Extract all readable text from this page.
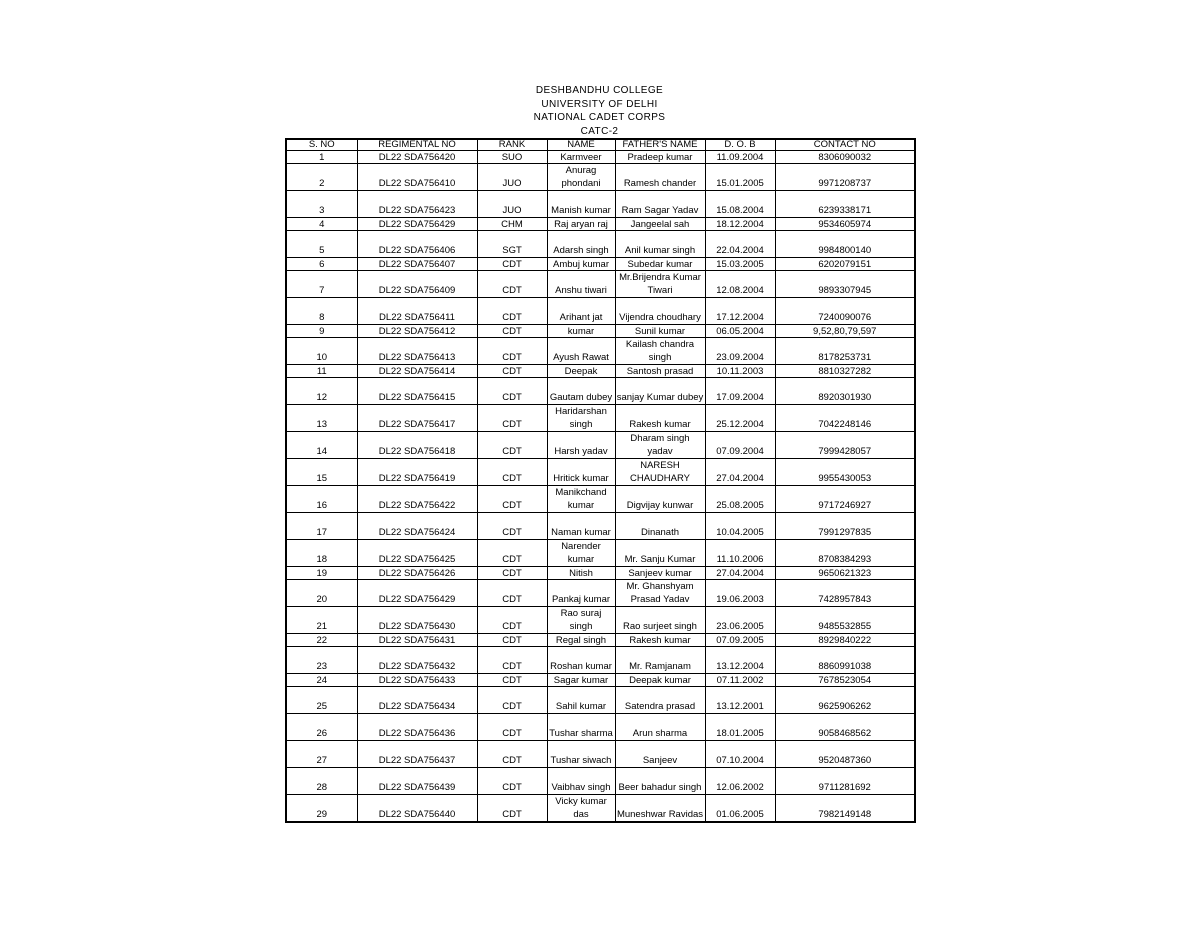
DESHBANDHU COLLEGE
UNIVERSITY OF DELHI
NATIONAL CADET CORPS
CATC-2
S. NO	REGIMENTAL NO	RANK	NAME	FATHER'S NAME	D. O. B	CONTACT NO
1	DL22 SDA756420	SUO	Karmveer	Pradeep kumar	11.09.2004	8306090032
2	DL22 SDA756410	JUO	Anurag phondani	Ramesh chander	15.01.2005	9971208737
3	DL22 SDA756423	JUO	Manish kumar	Ram Sagar Yadav	15.08.2004	6239338171
4	DL22 SDA756429	CHM	Raj aryan raj	Jangeelal sah	18.12.2004	9534605974
5	DL22 SDA756406	SGT	Adarsh singh	Anil kumar singh	22.04.2004	9984800140
6	DL22 SDA756407	CDT	Ambuj kumar	Subedar kumar	15.03.2005	6202079151
7	DL22 SDA756409	CDT	Anshu tiwari	Mr.Brijendra Kumar Tiwari	12.08.2004	9893307945
8	DL22 SDA756411	CDT	Arihant jat	Vijendra choudhary	17.12.2004	7240090076
9	DL22 SDA756412	CDT	kumar	Sunil kumar	06.05.2004	9,52,80,79,597
10	DL22 SDA756413	CDT	Ayush Rawat	Kailash chandra singh	23.09.2004	8178253731
11	DL22 SDA756414	CDT	Deepak	Santosh prasad	10.11.2003	8810327282
12	DL22 SDA756415	CDT	Gautam dubey	sanjay Kumar dubey	17.09.2004	8920301930
13	DL22 SDA756417	CDT	Haridarshan singh	Rakesh kumar	25.12.2004	7042248146
14	DL22 SDA756418	CDT	Harsh yadav	Dharam singh yadav	07.09.2004	7999428057
15	DL22 SDA756419	CDT	Hritick kumar	NARESH CHAUDHARY	27.04.2004	9955430053
16	DL22 SDA756422	CDT	Manikchand kumar	Digvijay kunwar	25.08.2005	9717246927
17	DL22 SDA756424	CDT	Naman kumar	Dinanath	10.04.2005	7991297835
18	DL22 SDA756425	CDT	Narender kumar	Mr. Sanju Kumar	11.10.2006	8708384293
19	DL22 SDA756426	CDT	Nitish	Sanjeev kumar	27.04.2004	9650621323
20	DL22 SDA756429	CDT	Pankaj kumar	Mr. Ghanshyam Prasad Yadav	19.06.2003	7428957843
21	DL22 SDA756430	CDT	Rao suraj singh	Rao surjeet singh	23.06.2005	9485532855
22	DL22 SDA756431	CDT	Regal singh	Rakesh kumar	07.09.2005	8929840222
23	DL22 SDA756432	CDT	Roshan kumar	Mr. Ramjanam	13.12.2004	8860991038
24	DL22 SDA756433	CDT	Sagar kumar	Deepak kumar	07.11.2002	7678523054
25	DL22 SDA756434	CDT	Sahil kumar	Satendra prasad	13.12.2001	9625906262
26	DL22 SDA756436	CDT	Tushar sharma	Arun sharma	18.01.2005	9058468562
27	DL22 SDA756437	CDT	Tushar siwach	Sanjeev	07.10.2004	9520487360
28	DL22 SDA756439	CDT	Vaibhav singh	Beer bahadur singh	12.06.2002	9711281692
29	DL22 SDA756440	CDT	Vicky kumar das	Muneshwar Ravidas	01.06.2005	7982149148
